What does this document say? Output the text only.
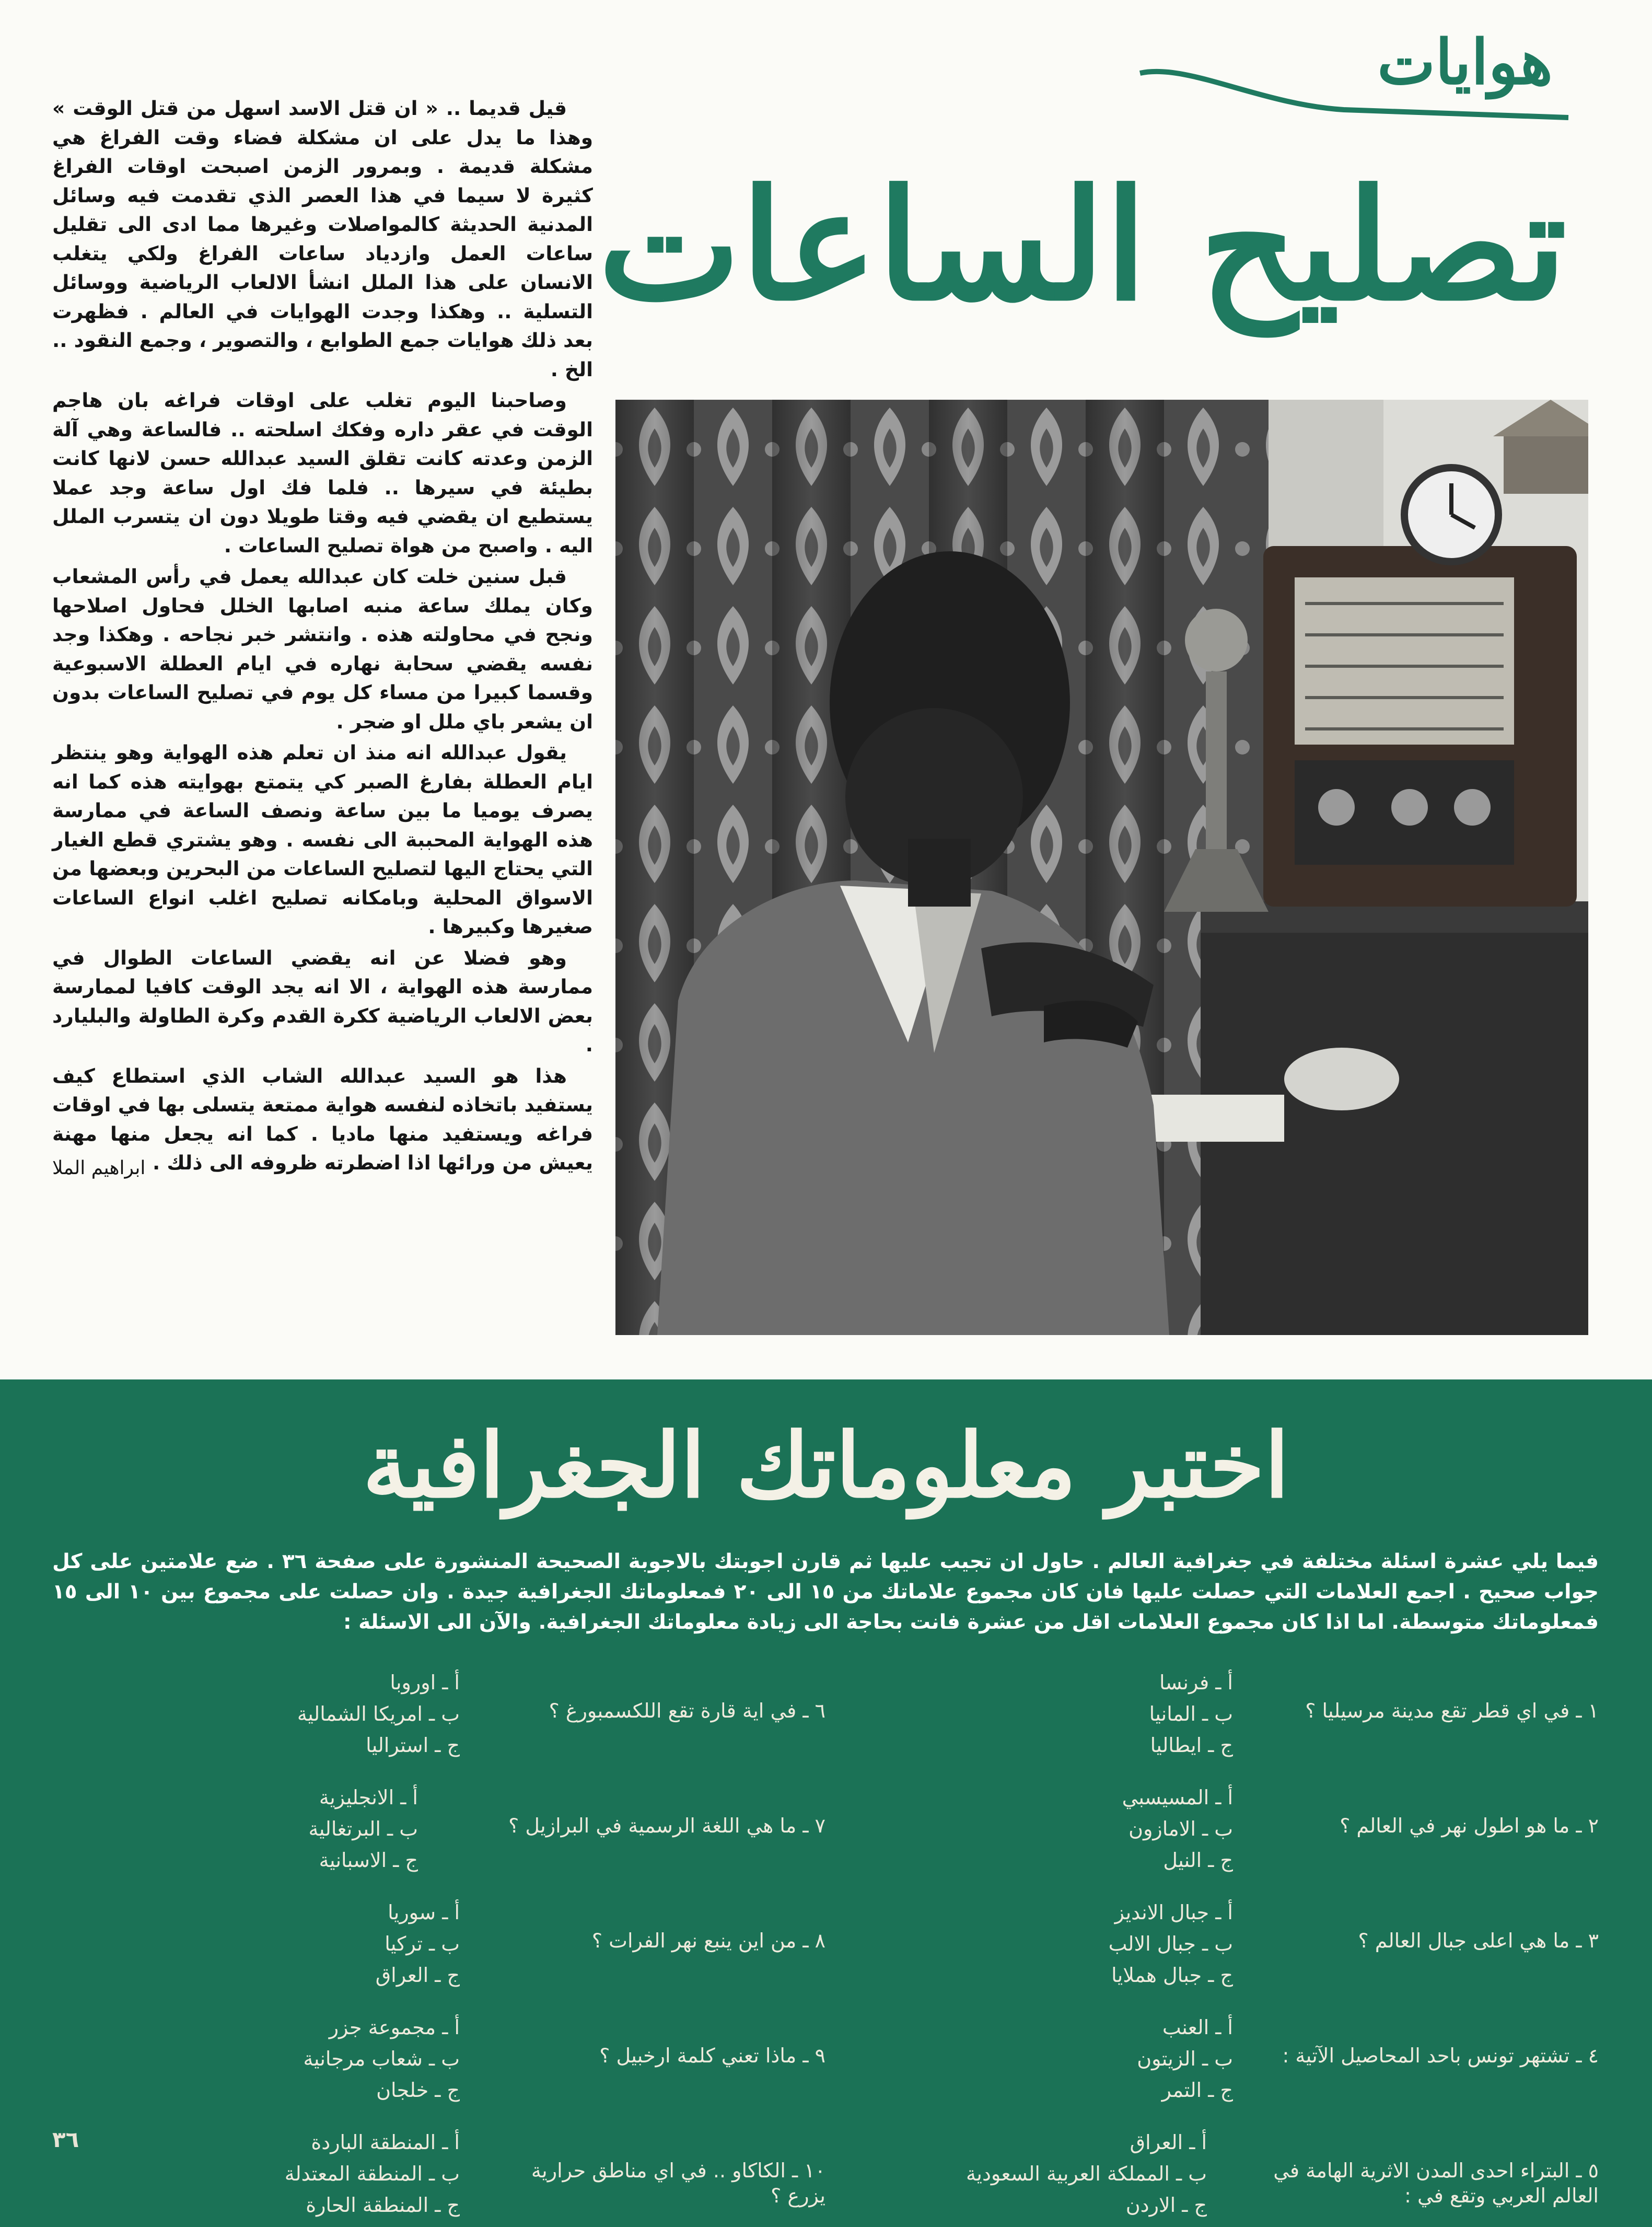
هوايات
تصليح الساعات

قيل قديما .. « ان قتل الاسد اسهل من قتل الوقت » وهذا ما يدل على ان مشكلة فضاء وقت الفراغ هي مشكلة قديمة . وبمرور الزمن اصبحت اوقات الفراغ كثيرة لا سيما في هذا العصر الذي تقدمت فيه وسائل المدنية الحديثة كالمواصلات وغيرها مما ادى الى تقليل ساعات العمل وازدياد ساعات الفراغ ولكي يتغلب الانسان على هذا الملل انشأ الالعاب الرياضية ووسائل التسلية .. وهكذا وجدت الهوايات في العالم . فظهرت بعد ذلك هوايات جمع الطوابع ، والتصوير ، وجمع النقود .. الخ .

وصاحبنا اليوم تغلب على اوقات فراغه بان هاجم الوقت في عقر داره وفكك اسلحته .. فالساعة وهي آلة الزمن وعدته كانت تقلق السيد عبدالله حسن لانها كانت بطيئة في سيرها .. فلما فك اول ساعة وجد عملا يستطيع ان يقضي فيه وقتا طويلا دون ان يتسرب الملل اليه . واصبح من هواة تصليح الساعات .

قبل سنين خلت كان عبدالله يعمل في رأس المشعاب وكان يملك ساعة منبه اصابها الخلل فحاول اصلاحها ونجح في محاولته هذه . وانتشر خبر نجاحه . وهكذا وجد نفسه يقضي سحابة نهاره في ايام العطلة الاسبوعية وقسما كبيرا من مساء كل يوم في تصليح الساعات بدون ان يشعر باي ملل او ضجر .

يقول عبدالله انه منذ ان تعلم هذه الهواية وهو ينتظر ايام العطلة بفارغ الصبر كي يتمتع بهوايته هذه كما انه يصرف يوميا ما بين ساعة ونصف الساعة في ممارسة هذه الهواية المحببة الى نفسه . وهو يشتري قطع الغيار التي يحتاج اليها لتصليح الساعات من البحرين وبعضها من الاسواق المحلية وبامكانه تصليح اغلب انواع الساعات صغيرها وكبيرها .

وهو فضلا عن انه يقضي الساعات الطوال في ممارسة هذه الهواية ، الا انه يجد الوقت كافيا لممارسة بعض الالعاب الرياضية ككرة القدم وكرة الطاولة والبليارد .

هذا هو السيد عبدالله الشاب الذي استطاع كيف يستفيد باتخاذه لنفسه هواية ممتعة يتسلى بها في اوقات فراغه ويستفيد منها ماديا . كما انه يجعل منها مهنة يعيش من ورائها اذا اضطرته ظروفه الى ذلك .

ابراهيم الملا
اختبر معلوماتك الجغرافية
فيما يلي عشرة اسئلة مختلفة في جغرافية العالم . حاول ان تجيب عليها ثم قارن اجوبتك بالاجوبة الصحيحة المنشورة على صفحة ٣٦ . ضع علامتين على كل جواب صحيح . اجمع العلامات التي حصلت عليها فان كان مجموع علاماتك من ١٥ الى ٢٠ فمعلوماتك الجغرافية جيدة . وان حصلت على مجموع بين ١٠ الى ١٥ فمعلوماتك متوسطة. اما اذا كان مجموع العلامات اقل من عشرة فانت بحاجة الى زيادة معلوماتك الجغرافية. والآن الى الاسئلة :
١ ـ في اي قطر تقع مدينة مرسيليا ؟
أ ـ فرنسا
ب ـ المانيا
ج ـ ايطاليا
٢ ـ ما هو اطول نهر في العالم ؟
أ ـ المسيسبي
ب ـ الامازون
ج ـ النيل
٣ ـ ما هي اعلى جبال العالم ؟
أ ـ جبال الانديز
ب ـ جبال الالب
ج ـ جبال هملايا
٤ ـ تشتهر تونس باحد المحاصيل الآتية :
أ ـ العنب
ب ـ الزيتون
ج ـ التمر
٥ ـ البتراء احدى المدن الاثرية الهامة في العالم العربي وتقع في :
أ ـ العراق
ب ـ المملكة العربية السعودية
ج ـ الاردن
٦ ـ في اية قارة تقع اللكسمبورغ ؟
أ ـ اوروبا
ب ـ امريكا الشمالية
ج ـ استراليا
٧ ـ ما هي اللغة الرسمية في البرازيل ؟
أ ـ الانجليزية
ب ـ البرتغالية
ج ـ الاسبانية
٨ ـ من اين ينبع نهر الفرات ؟
أ ـ سوريا
ب ـ تركيا
ج ـ العراق
٩ ـ ماذا تعني كلمة ارخبيل ؟
أ ـ مجموعة جزر
ب ـ شعاب مرجانية
ج ـ خلجان
١٠ ـ الكاكاو .. في اي مناطق حرارية يزرع ؟
أ ـ المنطقة الباردة
ب ـ المنطقة المعتدلة
ج ـ المنطقة الحارة
٣٦
